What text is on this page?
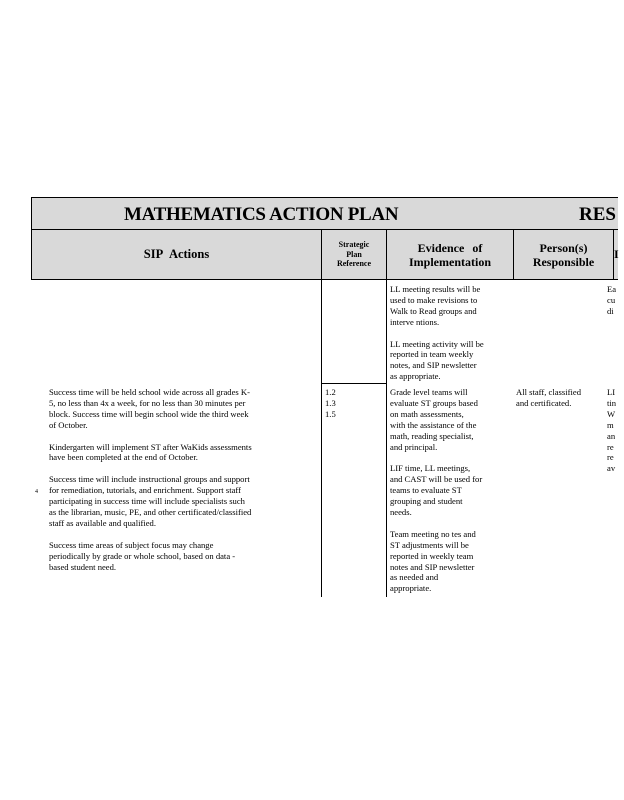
MATHEMATICS ACTION PLAN	RES
SIP Actions
Strategic
Plan
Reference
Evidence of
Implementation
Person(s)
Responsible
I
LL meeting results will be
used to make revisions to
Walk to Read groups and
interve ntions.

LL meeting activity will be
reported in team weekly
notes, and SIP newsletter
as appropriate.
Ea
cu
di
Success time will be held school wide across all grades K-
5, no less than 4x a week, for no less than 30 minutes per
block. Success time will begin school wide the third week
of October.

Kindergarten will implement ST after WaKids assessments
have been completed at the end of October.

Success time will include instructional groups and support
for remediation, tutorials, and enrichment. Support staff
participating in success time will include specialists such
as the librarian, music, PE, and other certificated/classified
staff as available and qualified.

Success time areas of subject focus may change
periodically by grade or whole school, based on data -
based student need.
4
1.2
1.3
1.5
Grade level teams will
evaluate ST groups based
on math assessments,
with the assistance of the
math, reading specialist,
and principal.

LIF time, LL meetings,
and CAST will be used for
teams to evaluate ST
grouping and student
needs.

Team meeting no tes and
ST adjustments will be
reported in weekly team
notes and SIP newsletter
as needed and
appropriate.
All staff, classified
and certificated.
LI
tin
W
m
an
re
re
av
